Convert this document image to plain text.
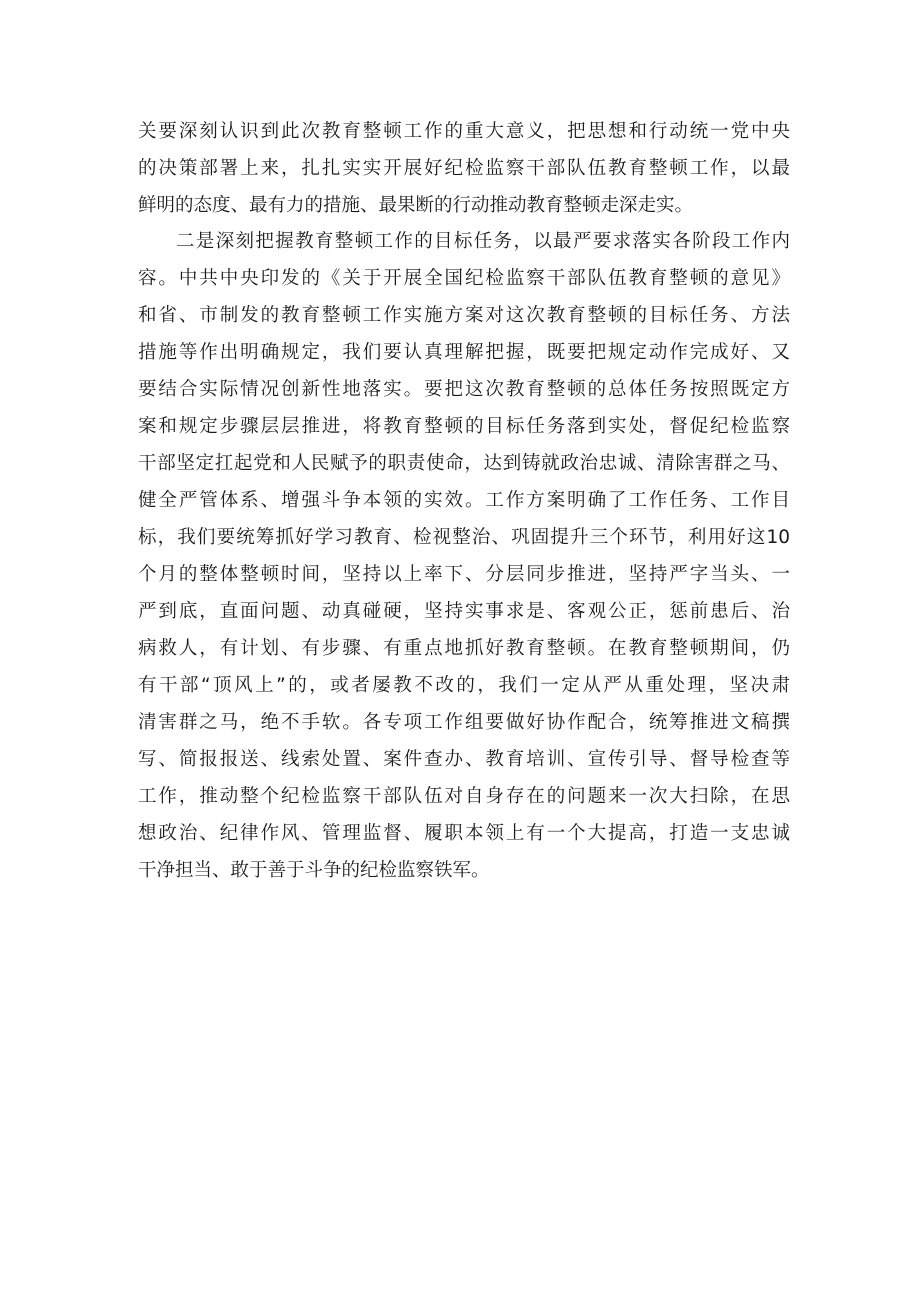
关要深刻认识到此次教育整顿工作的重大意义，把思想和行动统一党中央
的决策部署上来，扎扎实实开展好纪检监察干部队伍教育整顿工作，以最
鲜明的态度、最有力的措施、最果断的行动推动教育整顿走深走实。

二是深刻把握教育整顿工作的目标任务，以最严要求落实各阶段工作内
容。中共中央印发的《关于开展全国纪检监察干部队伍教育整顿的意见》
和省、市制发的教育整顿工作实施方案对这次教育整顿的目标任务、方法
措施等作出明确规定，我们要认真理解把握，既要把规定动作完成好、又
要结合实际情况创新性地落实。要把这次教育整顿的总体任务按照既定方
案和规定步骤层层推进，将教育整顿的目标任务落到实处，督促纪检监察
干部坚定扛起党和人民赋予的职责使命，达到铸就政治忠诚、清除害群之马、
健全严管体系、增强斗争本领的实效。工作方案明确了工作任务、工作目
标，我们要统筹抓好学习教育、检视整治、巩固提升三个环节，利用好这10
个月的整体整顿时间，坚持以上率下、分层同步推进，坚持严字当头、一
严到底，直面问题、动真碰硬，坚持实事求是、客观公正，惩前患后、治
病救人，有计划、有步骤、有重点地抓好教育整顿。在教育整顿期间，仍
有干部“顶风上”的，或者屡教不改的，我们一定从严从重处理，坚决肃
清害群之马，绝不手软。各专项工作组要做好协作配合，统筹推进文稿撰
写、简报报送、线索处置、案件查办、教育培训、宣传引导、督导检查等
工作，推动整个纪检监察干部队伍对自身存在的问题来一次大扫除，在思
想政治、纪律作风、管理监督、履职本领上有一个大提高，打造一支忠诚
干净担当、敢于善于斗争的纪检监察铁军。
